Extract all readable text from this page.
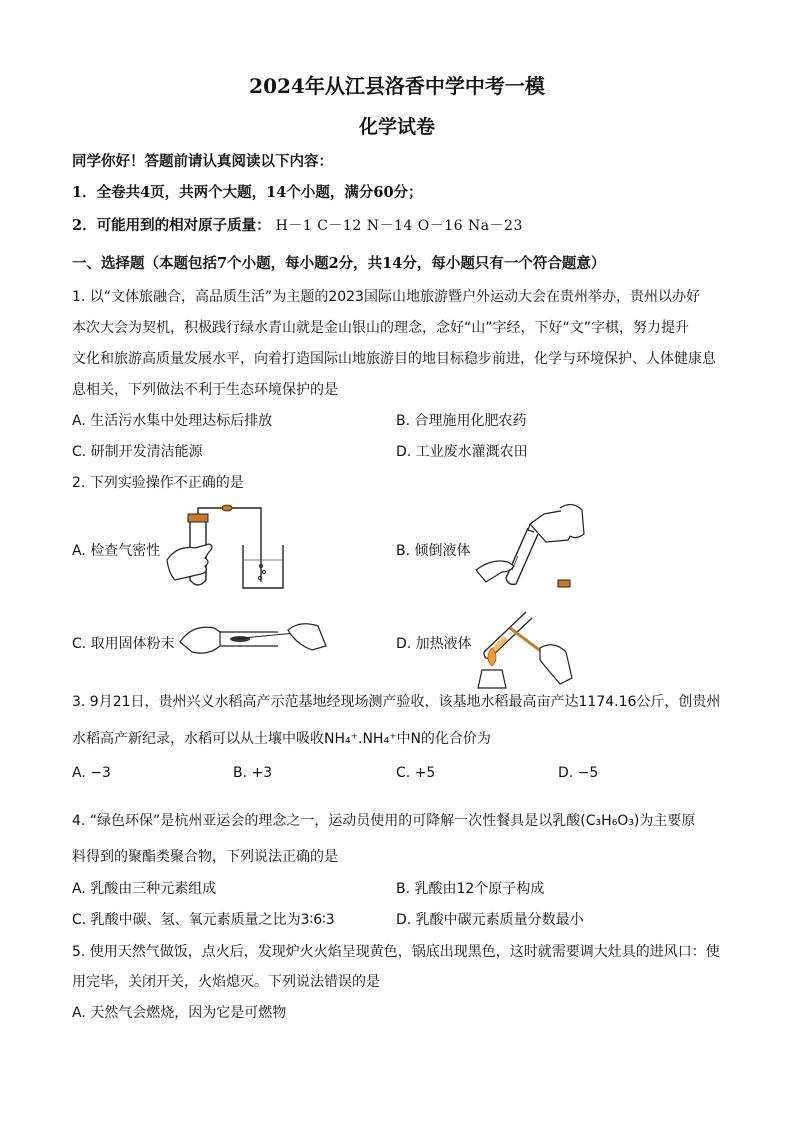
2024年从江县洛香中学中考一模
化学试卷
同学你好！答题前请认真阅读以下内容：
1．全卷共4页，共两个大题，14个小题，满分60分；
2．可能用到的相对原子质量： H－1 C－12 N－14 O－16 Na－23
一、选择题（本题包括7个小题，每小题2分，共14分，每小题只有一个符合题意）
1. 以“文体旅融合，高品质生活”为主题的2023国际山地旅游暨户外运动大会在贵州举办，贵州以办好
本次大会为契机，积极践行绿水青山就是金山银山的理念，念好“山”字经，下好“文”字棋，努力提升
文化和旅游高质量发展水平，向着打造国际山地旅游目的地目标稳步前进，化学与环境保护、人体健康息
息相关，下列做法不利于生态环境保护的是
A. 生活污水集中处理达标后排放	B. 合理施用化肥农药
C. 研制开发清洁能源	D. 工业废水灌溉农田
2. 下列实验操作不正确的是
A. 检查气密性	B. 倾倒液体
C. 取用固体粉末	D. 加热液体
3. 9月21日，贵州兴义水稻高产示范基地经现场测产验收，该基地水稻最高亩产达1174.16公斤，创贵州
水稻高产新纪录，水稻可以从土壤中吸收NH₄⁺.NH₄⁺中N的化合价为
A. −3	B. +3	C. +5	D. −5
4. “绿色环保”是杭州亚运会的理念之一，运动员使用的可降解一次性餐具是以乳酸(C₃H₆O₃)为主要原
料得到的聚酯类聚合物，下列说法正确的是
A. 乳酸由三种元素组成	B. 乳酸由12个原子构成
C. 乳酸中碳、氢、氧元素质量之比为3∶6∶3	D. 乳酸中碳元素质量分数最小
5. 使用天然气做饭，点火后，发现炉火火焰呈现黄色，锅底出现黑色，这时就需要调大灶具的进风口：使
用完毕，关闭开关，火焰熄灭。下列说法错误的是
A. 天然气会燃烧，因为它是可燃物
